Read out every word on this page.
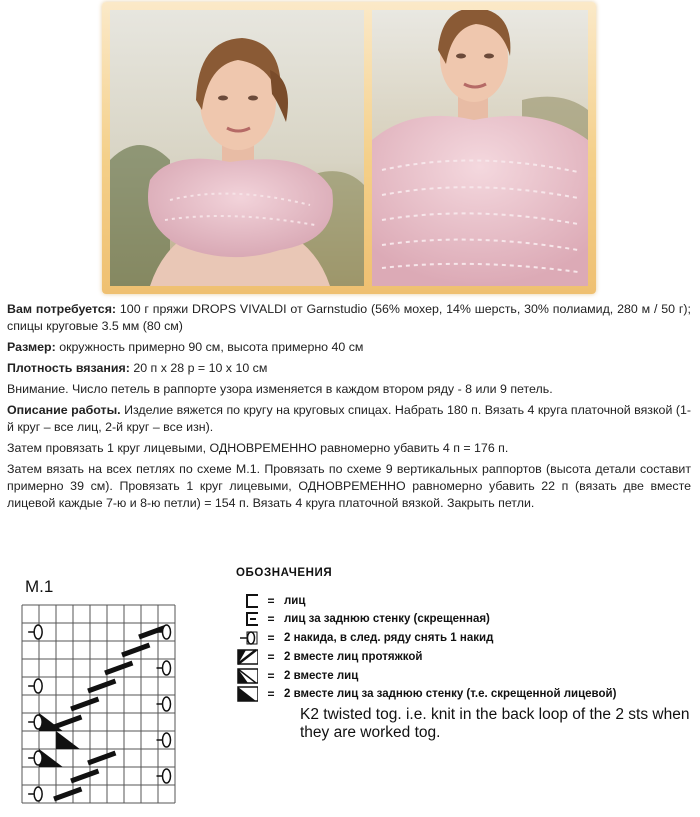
Вам потребуется: 100 г пряжи DROPS VIVALDI от Garnstudio (56% мохер, 14% шерсть, 30% полиамид, 280 м / 50 г); спицы круговые 3.5 мм (80 см)

Размер: окружность примерно 90 см, высота примерно 40 см

Плотность вязания: 20 п x 28 р = 10 x 10 см

Внимание. Число петель в раппорте узора изменяется в каждом втором ряду - 8 или 9 петель.

Описание работы. Изделие вяжется по кругу на круговых спицах. Набрать 180 п. Вязать 4 круга платочной вязкой (1-й круг – все лиц, 2-й круг – все изн).

Затем провязать 1 круг лицевыми, ОДНОВРЕМЕННО равномерно убавить 4 п = 176 п.

Затем вязать на всех петлях по схеме М.1. Провязать по схеме 9 вертикальных раппортов (высота детали составит примерно 39 см). Провязать 1 круг лицевыми, ОДНОВРЕМЕННО равномерно убавить 22 п (вязать две вместе лицевой каждые 7-ю и 8-ю петли) = 154 п. Вязать 4 круга платочной вязкой. Закрыть петли.

M.1
ОБОЗНАЧЕНИЯ
= лиц
= лиц за заднюю стенку (скрещенная)
= 2 накида, в след. ряду снять 1 накид
= 2 вместе лиц протяжкой
= 2 вместе лиц
= 2 вместе лиц за заднюю стенку (т.е. скрещенной лицевой)
K2 twisted tog. i.e. knit in the back loop of the 2 sts when they are worked tog.
